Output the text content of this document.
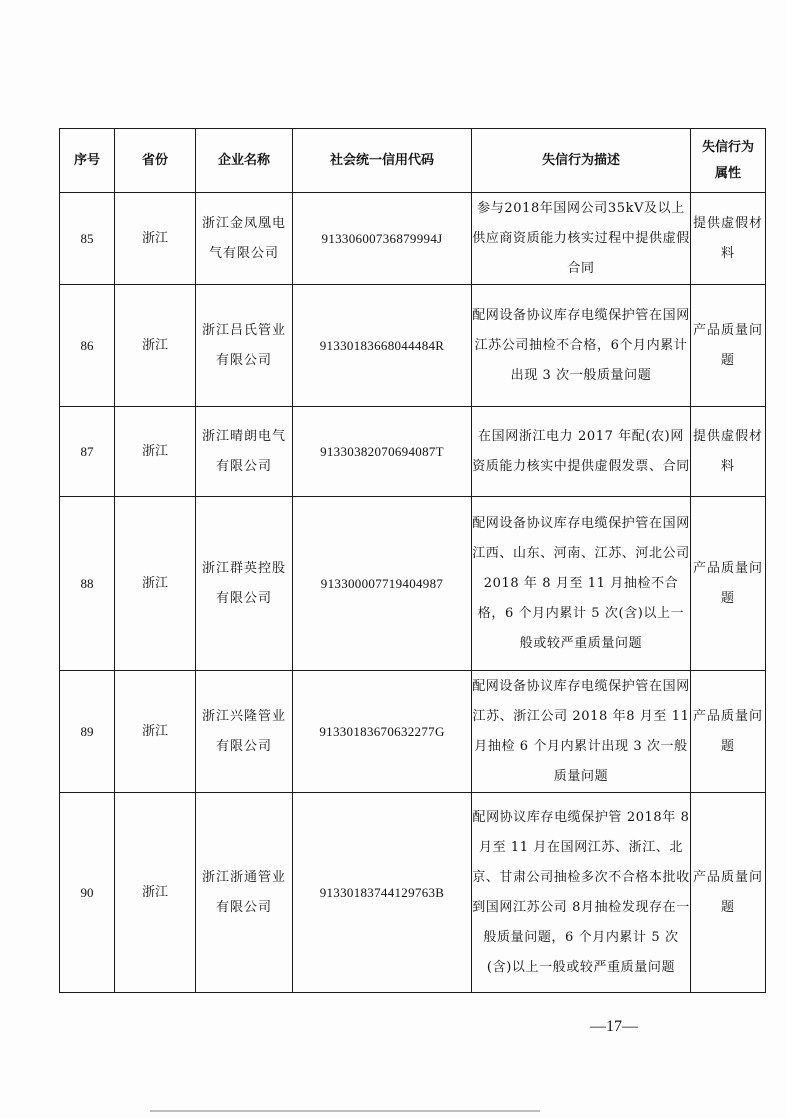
序号	省份	企业名称	社会统一信用代码	失信行为描述	失信行为属性
85	浙江	浙江金凤凰电气有限公司	91330600736879994J	参与2018年国网公司35kV及以上供应商资质能力核实过程中提供虚假合同	提供虚假材料
86	浙江	浙江吕氏管业有限公司	91330183668044484R	配网设备协议库存电缆保护管在国网江苏公司抽检不合格，6个月内累计出现 3 次一般质量问题	产品质量问题
87	浙江	浙江晴朗电气有限公司	91330382070694087T	在国网浙江电力 2017 年配(农)网资质能力核实中提供虚假发票、合同	提供虚假材料
88	浙江	浙江群英控股有限公司	913300007719404987	配网设备协议库存电缆保护管在国网江西、山东、河南、江苏、河北公司 2018 年 8 月至 11 月抽检不合格，6 个月内累计 5 次(含)以上一般或较严重质量问题	产品质量问题
89	浙江	浙江兴隆管业有限公司	91330183670632277G	配网设备协议库存电缆保护管在国网江苏、浙江公司 2018 年8 月至 11 月抽检 6 个月内累计出现 3 次一般质量问题	产品质量问题
90	浙江	浙江浙通管业有限公司	91330183744129763B	配网协议库存电缆保护管 2018年 8 月至 11 月在国网江苏、浙江、北京、甘肃公司抽检多次不合格本批收到国网江苏公司 8月抽检发现存在一般质量问题，6 个月内累计 5 次(含)以上一般或较严重质量问题	产品质量问题
—17—
